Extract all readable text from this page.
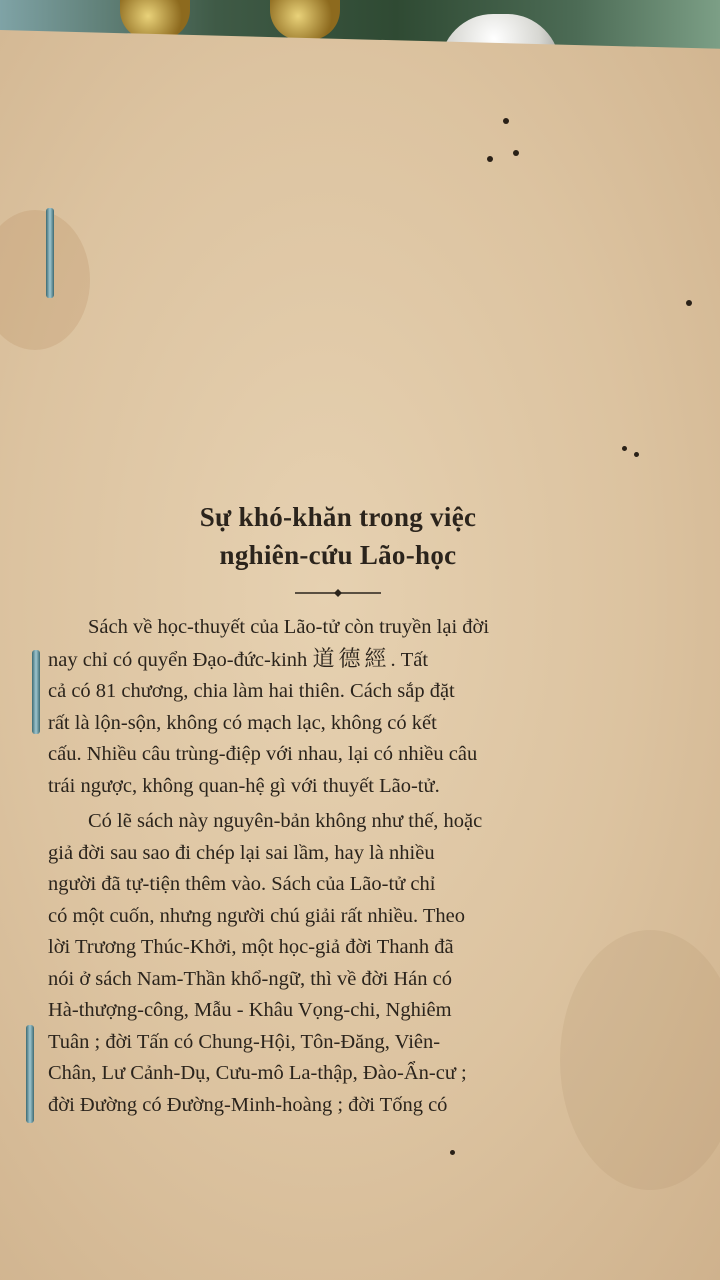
Sự khó-khăn trong việc
nghiên-cứu Lão-học

Sách về học-thuyết của Lão-tử còn truyền lại đời
nay chỉ có quyển Đạo-đức-kinh 道德經. Tất
cả có 81 chương, chia làm hai thiên. Cách sắp đặt
rất là lộn-sộn, không có mạch lạc, không có kết
cấu. Nhiều câu trùng-điệp với nhau, lại có nhiều câu
trái ngược, không quan-hệ gì với thuyết Lão-tử.

Có lẽ sách này nguyên-bản không như thế, hoặc
giả đời sau sao đi chép lại sai lầm, hay là nhiều
người đã tự-tiện thêm vào. Sách của Lão-tử chỉ
có một cuốn, nhưng người chú giải rất nhiều. Theo
lời Trương Thúc-Khởi, một học-giả đời Thanh đã
nói ở sách Nam-Thần khổ-ngữ, thì về đời Hán có
Hà-thượng-công, Mẫu - Khâu Vọng-chi, Nghiêm
Tuân ; đời Tấn có Chung-Hội, Tôn-Đăng, Viên-
Chân, Lư Cảnh-Dụ, Cưu-mô La-thập, Đào-Ẩn-cư ;
đời Đường có Đường-Minh-hoàng ; đời Tống có
